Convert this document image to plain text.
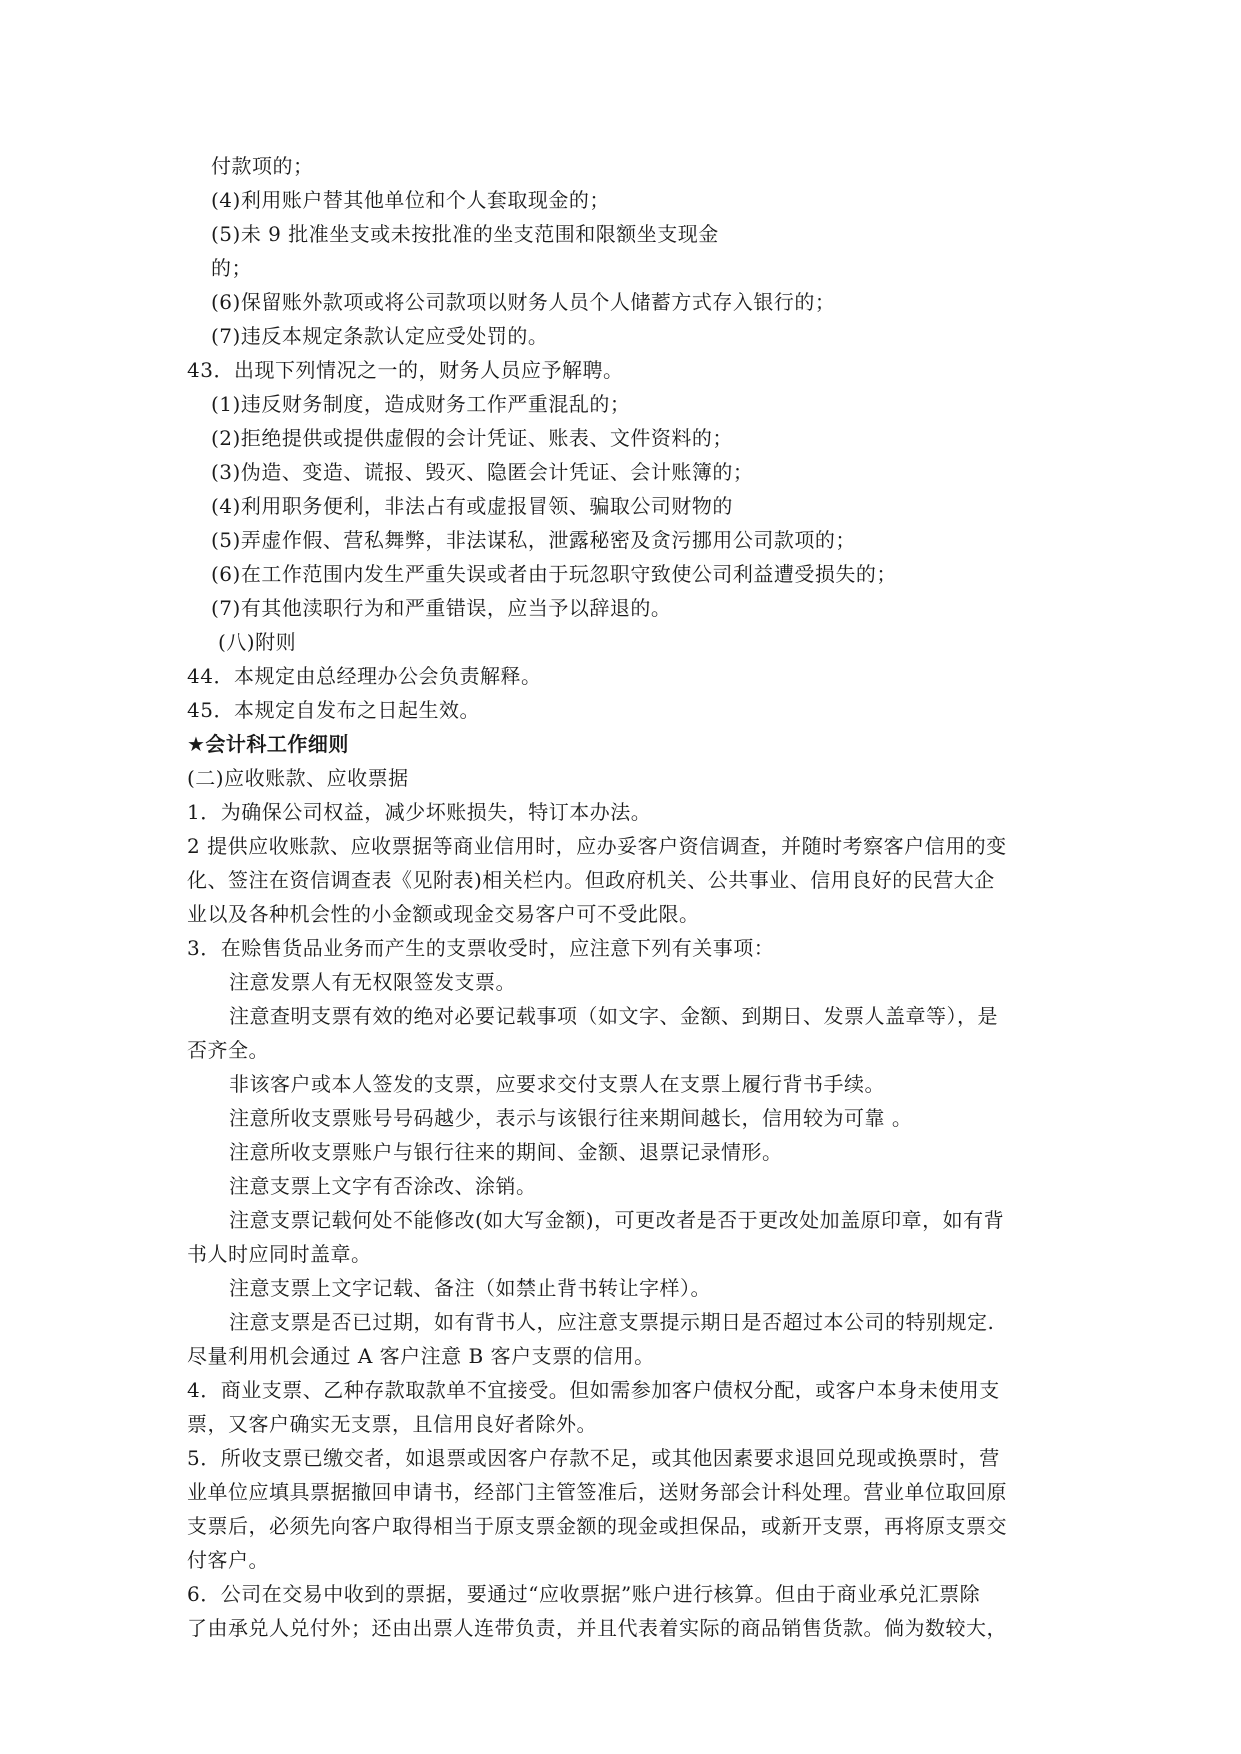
付款项的；
(4)利用账户替其他单位和个人套取现金的；
(5)未 9 批准坐支或未按批准的坐支范围和限额坐支现金
的；
(6)保留账外款项或将公司款项以财务人员个人储蓄方式存入银行的；
(7)违反本规定条款认定应受处罚的。
43．出现下列情况之一的，财务人员应予解聘。
(1)违反财务制度，造成财务工作严重混乱的；
(2)拒绝提供或提供虚假的会计凭证、账表、文件资料的；
(3)伪造、变造、谎报、毁灭、隐匿会计凭证、会计账簿的；
(4)利用职务便利，非法占有或虚报冒领、骗取公司财物的
(5)弄虚作假、营私舞弊，非法谋私，泄露秘密及贪污挪用公司款项的；
(6)在工作范围内发生严重失误或者由于玩忽职守致使公司利益遭受损失的；
(7)有其他渎职行为和严重错误，应当予以辞退的。
(八)附则
44．本规定由总经理办公会负责解释。
45．本规定自发布之日起生效。
★会计科工作细则
(二)应收账款、应收票据
1．为确保公司权益，减少坏账损失，特订本办法。
2 提供应收账款、应收票据等商业信用时，应办妥客户资信调查，并随时考察客户信用的变
化、签注在资信调查表《见附表)相关栏内。但政府机关、公共事业、信用良好的民营大企
业以及各种机会性的小金额或现金交易客户可不受此限。
3．在赊售货品业务而产生的支票收受时，应注意下列有关事项：
注意发票人有无权限签发支票。
注意查明支票有效的绝对必要记载事项（如文字、金额、到期日、发票人盖章等），是
否齐全。
非该客户或本人签发的支票，应要求交付支票人在支票上履行背书手续。
注意所收支票账号号码越少，表示与该银行往来期间越长，信用较为可靠 。
注意所收支票账户与银行往来的期间、金额、退票记录情形。
注意支票上文字有否涂改、涂销。
注意支票记载何处不能修改(如大写金额)，可更改者是否于更改处加盖原印章，如有背
书人时应同时盖章。
注意支票上文字记载、备注（如禁止背书转让字样）。
注意支票是否已过期，如有背书人，应注意支票提示期日是否超过本公司的特别规定.
尽量利用机会通过 A 客户注意 B 客户支票的信用。
4．商业支票、乙种存款取款单不宜接受。但如需参加客户债权分配，或客户本身未使用支
票，又客户确实无支票，且信用良好者除外。
5．所收支票已缴交者，如退票或因客户存款不足，或其他因素要求退回兑现或换票时，营
业单位应填具票据撤回申请书，经部门主管签准后，送财务部会计科处理。营业单位取回原
支票后，必须先向客户取得相当于原支票金额的现金或担保品，或新开支票，再将原支票交
付客户。
6．公司在交易中收到的票据，要通过“应收票据”账户进行核算。但由于商业承兑汇票除
了由承兑人兑付外；还由出票人连带负责，并且代表着实际的商品销售货款。倘为数较大，
